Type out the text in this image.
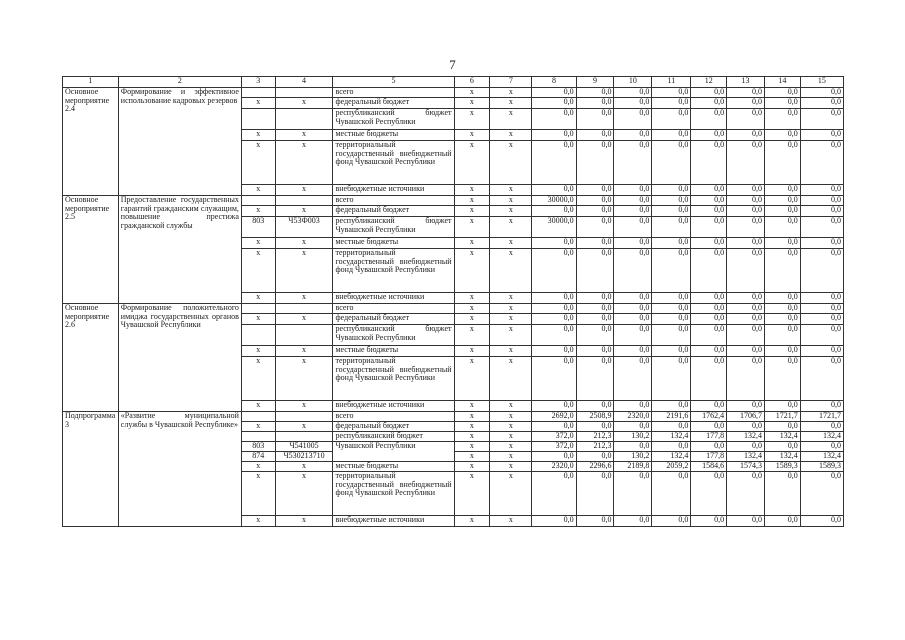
7
1	2	3	4	5	6	7	8	9	10	11	12	13	14	15
Основное мероприятие 2.4	Формирование и эффективное использование кадровых резервов			всего	x	x	0,0	0,0	0,0	0,0	0,0	0,0	0,0	0,0
		x	x	федеральный бюджет	x	x	0,0	0,0	0,0	0,0	0,0	0,0	0,0	0,0
				республиканский бюджет Чувашской Республики	x	x	0,0	0,0	0,0	0,0	0,0	0,0	0,0	0,0
		x	x	местные бюджеты	x	x	0,0	0,0	0,0	0,0	0,0	0,0	0,0	0,0
		x	x	территориальный государственный внебюджетный фонд Чувашской Республики	x	x	0,0	0,0	0,0	0,0	0,0	0,0	0,0	0,0
		x	x	внебюджетные источники	x	x	0,0	0,0	0,0	0,0	0,0	0,0	0,0	0,0
Основное мероприятие 2.5	Предоставление государственных гарантий гражданским служащим, повышение престижа гражданской службы			всего	x	x	30000,0	0,0	0,0	0,0	0,0	0,0	0,0	0,0
		x	x	федеральный бюджет	x	x	0,0	0,0	0,0	0,0	0,0	0,0	0,0	0,0
		803	Ч53Ф003	республиканский бюджет Чувашской Республики	x	x	30000,0	0,0	0,0	0,0	0,0	0,0	0,0	0,0
		x	x	местные бюджеты	x	x	0,0	0,0	0,0	0,0	0,0	0,0	0,0	0,0
		x	x	территориальный государственный внебюджетный фонд Чувашской Республики	x	x	0,0	0,0	0,0	0,0	0,0	0,0	0,0	0,0
		x	x	внебюджетные источники	x	x	0,0	0,0	0,0	0,0	0,0	0,0	0,0	0,0
Основное мероприятие 2.6	Формирование положительного имиджа государственных органов Чувашской Республики			всего	x	x	0,0	0,0	0,0	0,0	0,0	0,0	0,0	0,0
		x	x	федеральный бюджет	x	x	0,0	0,0	0,0	0,0	0,0	0,0	0,0	0,0
				республиканский бюджет Чувашской Республики	x	x	0,0	0,0	0,0	0,0	0,0	0,0	0,0	0,0
		x	x	местные бюджеты	x	x	0,0	0,0	0,0	0,0	0,0	0,0	0,0	0,0
		x	x	территориальный государственный внебюджетный фонд Чувашской Республики	x	x	0,0	0,0	0,0	0,0	0,0	0,0	0,0	0,0
		x	x	внебюджетные источники	x	x	0,0	0,0	0,0	0,0	0,0	0,0	0,0	0,0
Подпрограмма 3	«Развитие муниципальной службы в Чувашской Республике»			всего	x	x	2692,0	2508,9	2320,0	2191,6	1762,4	1706,7	1721,7	1721,7
		x	x	федеральный бюджет	x	x	0,0	0,0	0,0	0,0	0,0	0,0	0,0	0,0
				республиканский бюджет	x	x	372,0	212,3	130,2	132,4	177,8	132,4	132,4	132,4
		803	Ч541005	Чувашской Республики	x	x	372,0	212,3	0,0	0,0	0,0	0,0	0,0	0,0
		874	Ч530213710		x	x	0,0	0,0	130,2	132,4	177,8	132,4	132,4	132,4
		x	x	местные бюджеты	x	x	2320,0	2296,6	2189,8	2059,2	1584,6	1574,3	1589,3	1589,3
		x	x	территориальный государственный внебюджетный фонд Чувашской Республики	x	x	0,0	0,0	0,0	0,0	0,0	0,0	0,0	0,0
		x	x	внебюджетные источники	x	x	0,0	0,0	0,0	0,0	0,0	0,0	0,0	0,0
